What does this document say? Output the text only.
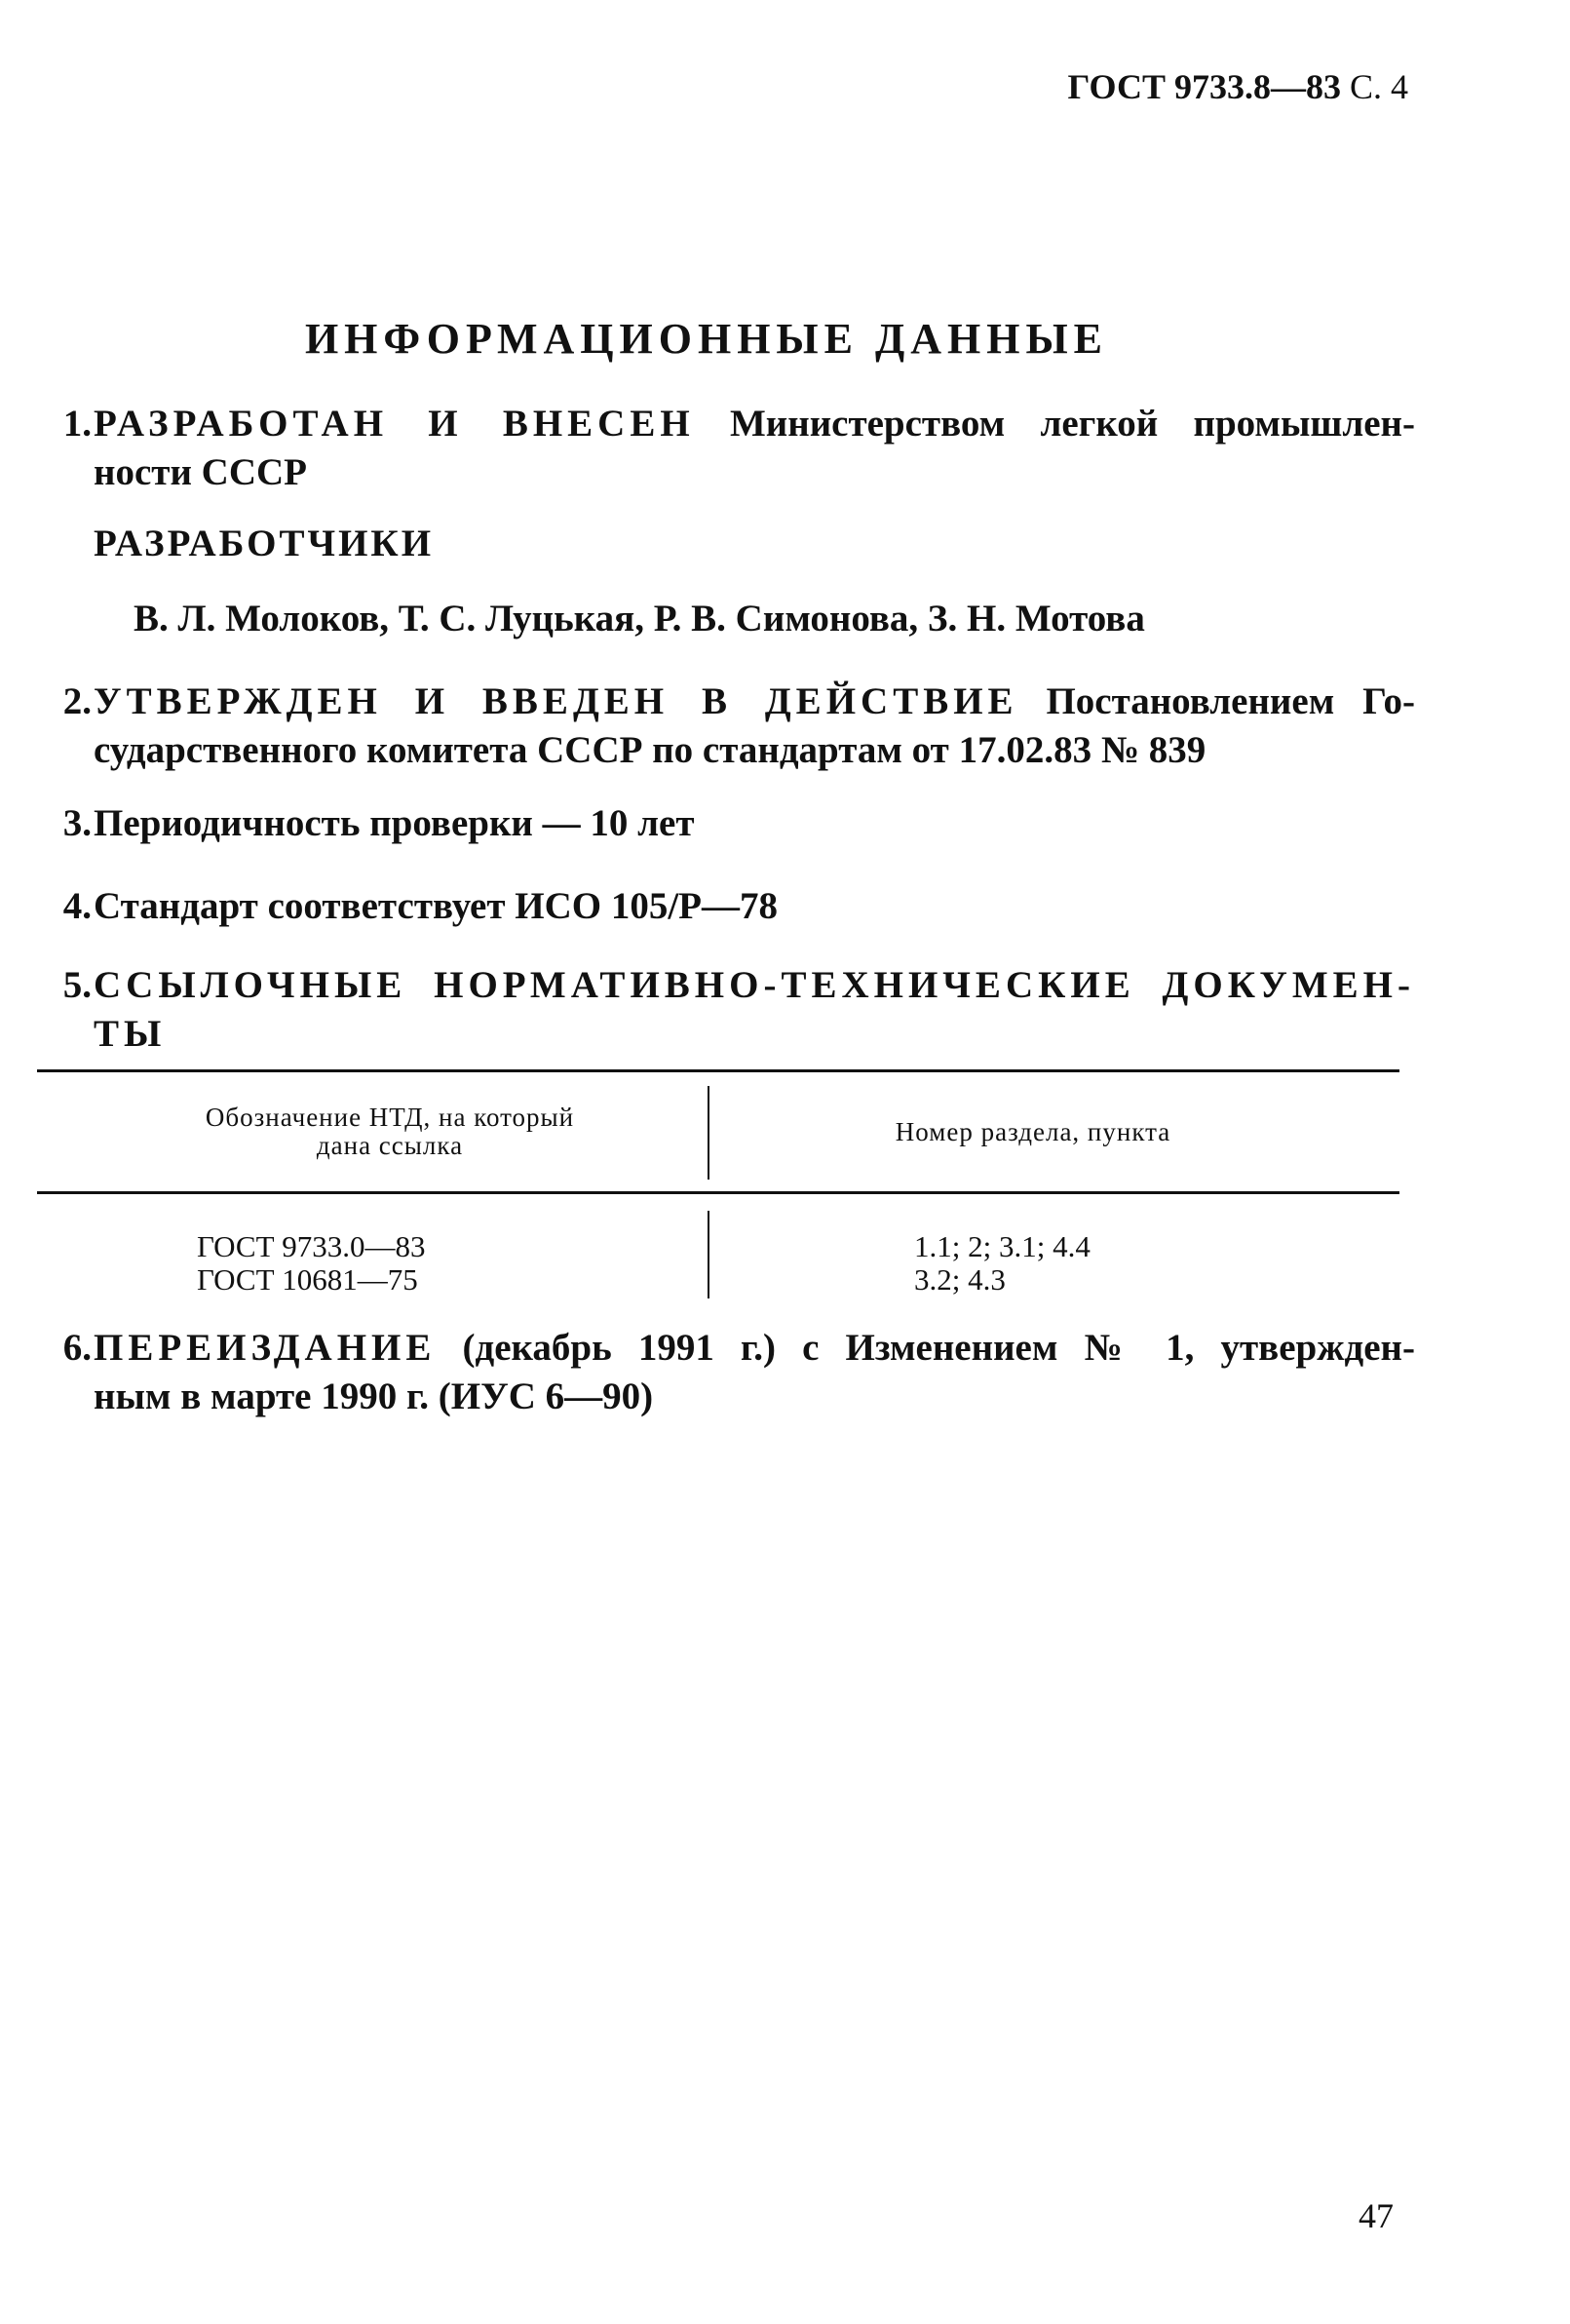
ГОСТ 9733.8—83 С. 4
ИНФОРМАЦИОННЫЕ ДАННЫЕ
1. РАЗРАБОТАН И ВНЕСЕН Министерством легкой промышлен-
ности СССР
РАЗРАБОТЧИКИ
В. Л. Молоков, Т. С. Луцькая, Р. В. Симонова, З. Н. Мотова
2. УТВЕРЖДЕН И ВВЕДЕН В ДЕЙСТВИЕ Постановлением Го-
сударственного комитета СССР по стандартам от 17.02.83 № 839
3. Периодичность проверки — 10 лет
4. Стандарт соответствует ИСО 105/Р—78
5. ССЫЛОЧНЫЕ НОРМАТИВНО-ТЕХНИЧЕСКИЕ ДОКУМЕН-
ТЫ
Обозначение НТД, на который
дана ссылка	Номер раздела, пункта
ГОСТ 9733.0—83
ГОСТ 10681—75
1.1; 2; 3.1; 4.4
3.2; 4.3
6. ПЕРЕИЗДАНИЕ (декабрь 1991 г.) с Изменением № 1, утвержден-
ным в марте 1990 г. (ИУС 6—90)
47
